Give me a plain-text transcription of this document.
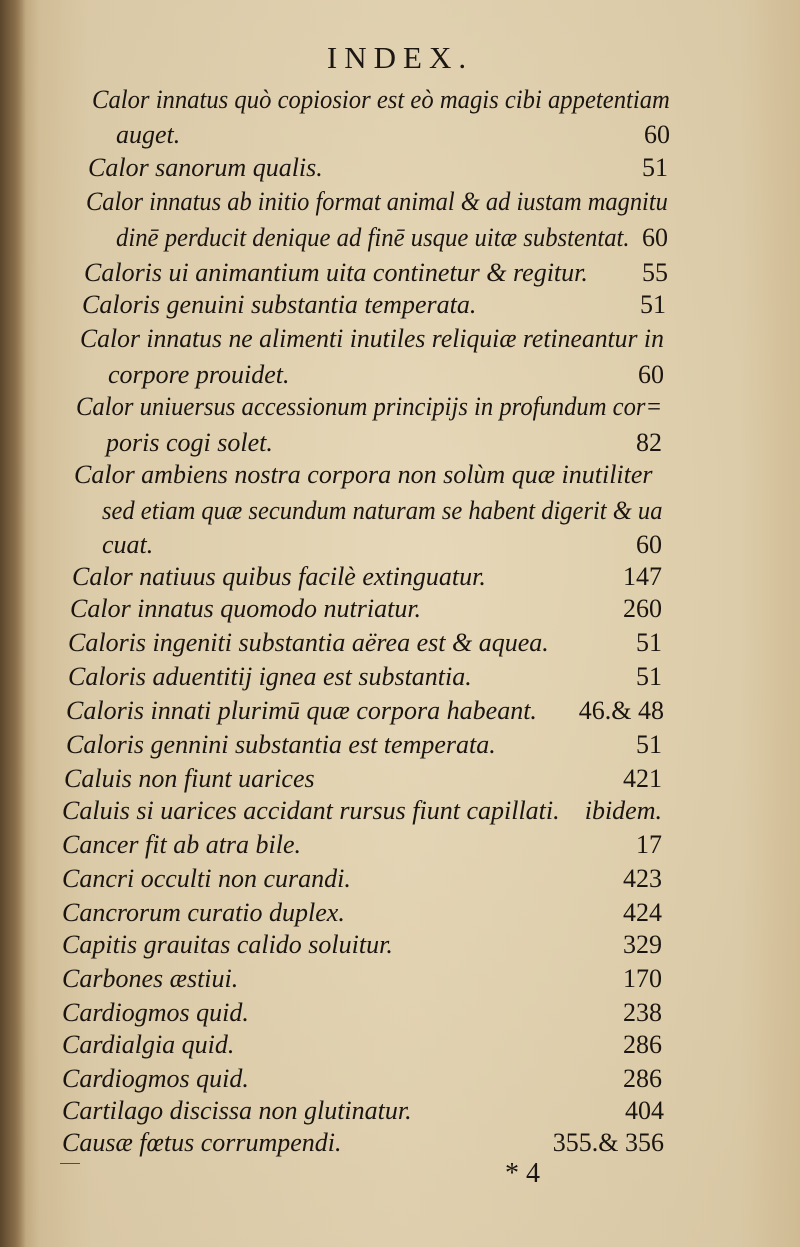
INDEX.
Calor innatus quò copiosior est eò magis cibi appetentiam
auget.	60
Calor sanorum qualis.	51
Calor innatus ab initio format animal & ad iustam magnitu
dinē perducit denique ad finē usque uitæ substentat. 60
Caloris ui animantium uita continetur & regitur. 55
Caloris genuini substantia temperata.	51
Calor innatus ne alimenti inutiles reliquiæ retineantur in
corpore prouidet.	60
Calor uniuersus accessionum principijs in profundum cor=
poris cogi solet.	82
Calor ambiens nostra corpora non solùm quæ inutiliter
sed etiam quæ secundum naturam se habent digerit & ua
cuat.	60
Calor natiuus quibus facilè extinguatur.	147
Calor innatus quomodo nutriatur.	260
Caloris ingeniti substantia aërea est & aquea.	51
Caloris aduentitij ignea est substantia.	51
Caloris innati plurimū quæ corpora habeant. 46.& 48
Caloris gennini substantia est temperata.	51
Caluis non fiunt uarices	421
Caluis si uarices accidant rursus fiunt capillati. ibidem.
Cancer fit ab atra bile.	17
Cancri occulti non curandi.	423
Cancrorum curatio duplex.	424
Capitis grauitas calido soluitur.	329
Carbones æstiui.	170
Cardiogmos quid.	238
Cardialgia quid.	286
Cardiogmos quid.	286
Cartilago discissa non glutinatur.	404
Causæ fœtus corrumpendi.	355.& 356
* 4
